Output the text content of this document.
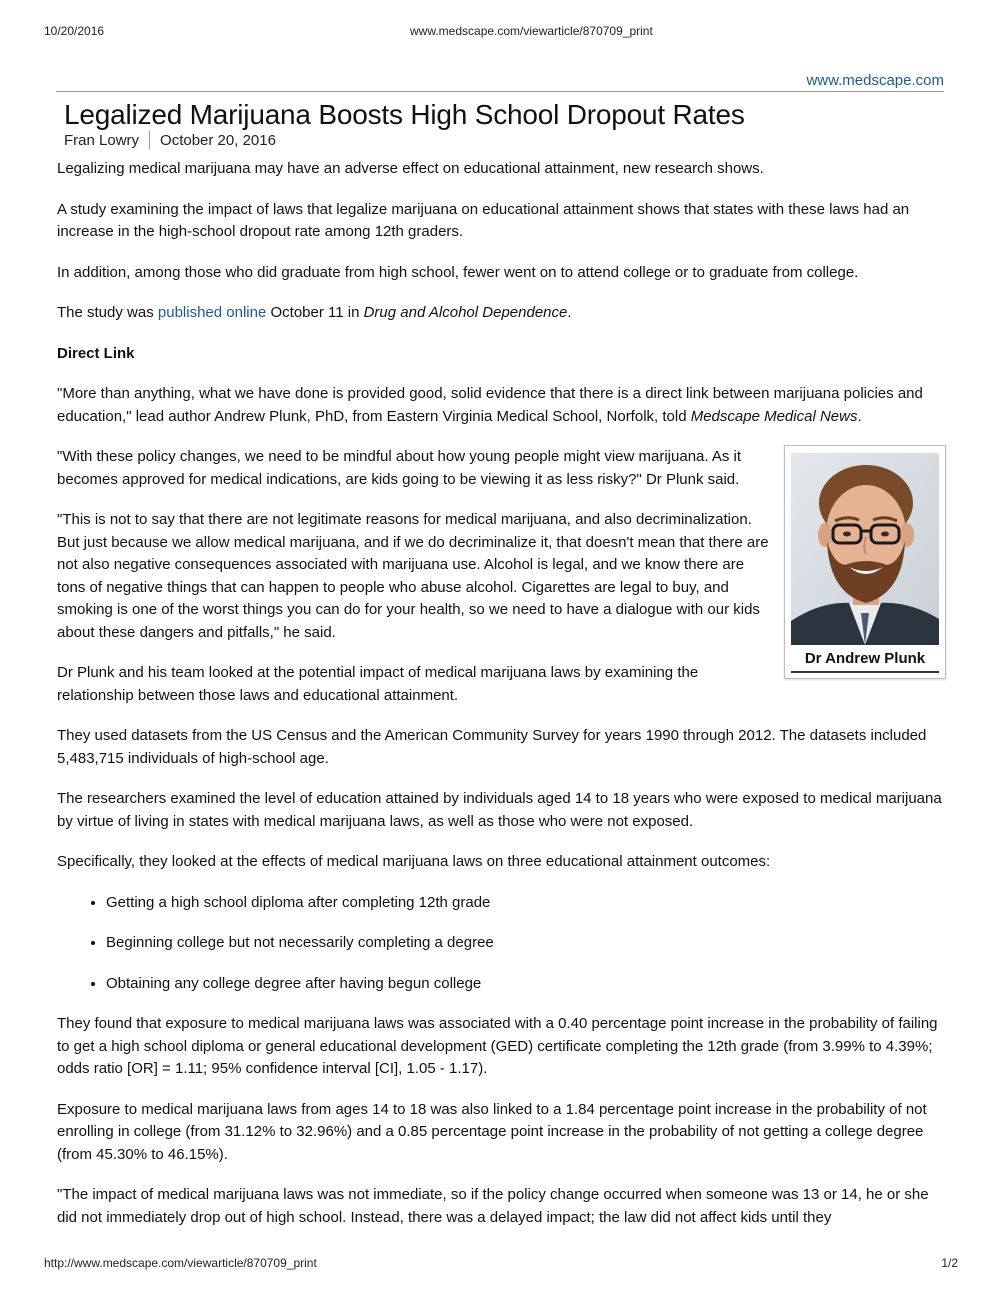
10/20/2016	www.medscape.com/viewarticle/870709_print
www.medscape.com
Legalized Marijuana Boosts High School Dropout Rates
Fran Lowry October 20, 2016

Legalizing medical marijuana may have an adverse effect on educational attainment, new research shows.

A study examining the impact of laws that legalize marijuana on educational attainment shows that states with these laws had an increase in the high-school dropout rate among 12th graders.

In addition, among those who did graduate from high school, fewer went on to attend college or to graduate from college.

The study was published online October 11 in Drug and Alcohol Dependence.

Direct Link

"More than anything, what we have done is provided good, solid evidence that there is a direct link between marijuana policies and education," lead author Andrew Plunk, PhD, from Eastern Virginia Medical School, Norfolk, told Medscape Medical News.

"With these policy changes, we need to be mindful about how young people might view marijuana. As it becomes approved for medical indications, are kids going to be viewing it as less risky?" Dr Plunk said.

"This is not to say that there are not legitimate reasons for medical marijuana, and also decriminalization. But just because we allow medical marijuana, and if we do decriminalize it, that doesn't mean that there are not also negative consequences associated with marijuana use. Alcohol is legal, and we know there are tons of negative things that can happen to people who abuse alcohol. Cigarettes are legal to buy, and smoking is one of the worst things you can do for your health, so we need to have a dialogue with our kids about these dangers and pitfalls," he said.

Dr Plunk and his team looked at the potential impact of medical marijuana laws by examining the relationship between those laws and educational attainment.

They used datasets from the US Census and the American Community Survey for years 1990 through 2012. The datasets included 5,483,715 individuals of high-school age.

The researchers examined the level of education attained by individuals aged 14 to 18 years who were exposed to medical marijuana by virtue of living in states with medical marijuana laws, as well as those who were not exposed.

Specifically, they looked at the effects of medical marijuana laws on three educational attainment outcomes:

• Getting a high school diploma after completing 12th grade
• Beginning college but not necessarily completing a degree
• Obtaining any college degree after having begun college

They found that exposure to medical marijuana laws was associated with a 0.40 percentage point increase in the probability of failing to get a high school diploma or general educational development (GED) certificate completing the 12th grade (from 3.99% to 4.39%; odds ratio [OR] = 1.11; 95% confidence interval [CI], 1.05 - 1.17).

Exposure to medical marijuana laws from ages 14 to 18 was also linked to a 1.84 percentage point increase in the probability of not enrolling in college (from 31.12% to 32.96%) and a 0.85 percentage point increase in the probability of not getting a college degree (from 45.30% to 46.15%).

"The impact of medical marijuana laws was not immediate, so if the policy change occurred when someone was 13 or 14, he or she did not immediately drop out of high school. Instead, there was a delayed impact; the law did not affect kids until they

Dr Andrew Plunk
http://www.medscape.com/viewarticle/870709_print	1/2
